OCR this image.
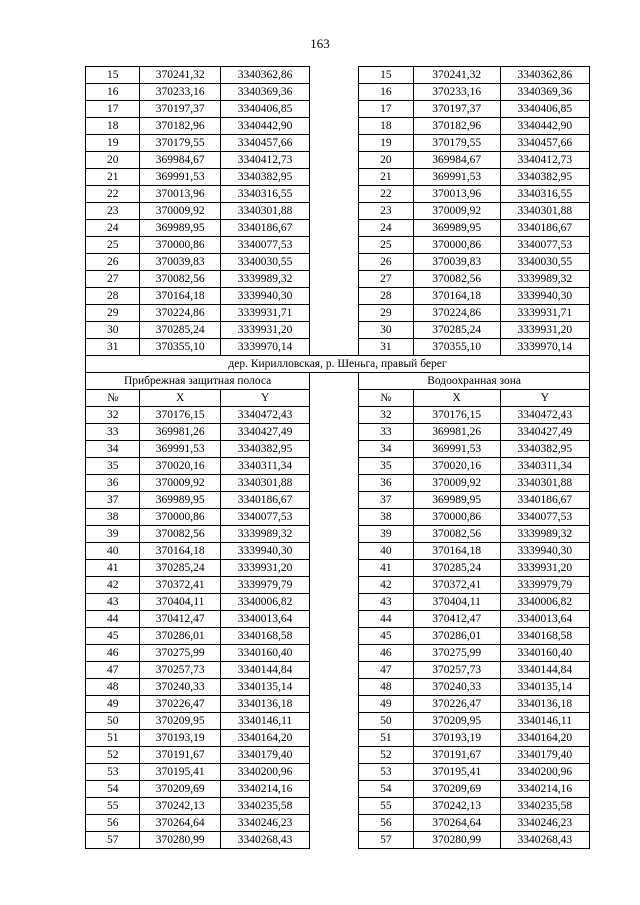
163
15	370241,32	3340362,86		15	370241,32	3340362,86
16	370233,16	3340369,36		16	370233,16	3340369,36
17	370197,37	3340406,85		17	370197,37	3340406,85
18	370182,96	3340442,90		18	370182,96	3340442,90
19	370179,55	3340457,66		19	370179,55	3340457,66
20	369984,67	3340412,73		20	369984,67	3340412,73
21	369991,53	3340382,95		21	369991,53	3340382,95
22	370013,96	3340316,55		22	370013,96	3340316,55
23	370009,92	3340301,88		23	370009,92	3340301,88
24	369989,95	3340186,67		24	369989,95	3340186,67
25	370000,86	3340077,53		25	370000,86	3340077,53
26	370039,83	3340030,55		26	370039,83	3340030,55
27	370082,56	3339989,32		27	370082,56	3339989,32
28	370164,18	3339940,30		28	370164,18	3339940,30
29	370224,86	3339931,71		29	370224,86	3339931,71
30	370285,24	3339931,20		30	370285,24	3339931,20
31	370355,10	3339970,14		31	370355,10	3339970,14
дер. Кирилловская, р. Шеньга, правый берег						
Прибрежная защитная полоса				Водоохранная зона		
№	X	Y		№	X	Y
32	370176,15	3340472,43		32	370176,15	3340472,43
33	369981,26	3340427,49		33	369981,26	3340427,49
34	369991,53	3340382,95		34	369991,53	3340382,95
35	370020,16	3340311,34		35	370020,16	3340311,34
36	370009,92	3340301,88		36	370009,92	3340301,88
37	369989,95	3340186,67		37	369989,95	3340186,67
38	370000,86	3340077,53		38	370000,86	3340077,53
39	370082,56	3339989,32		39	370082,56	3339989,32
40	370164,18	3339940,30		40	370164,18	3339940,30
41	370285,24	3339931,20		41	370285,24	3339931,20
42	370372,41	3339979,79		42	370372,41	3339979,79
43	370404,11	3340006,82		43	370404,11	3340006,82
44	370412,47	3340013,64		44	370412,47	3340013,64
45	370286,01	3340168,58		45	370286,01	3340168,58
46	370275,99	3340160,40		46	370275,99	3340160,40
47	370257,73	3340144,84		47	370257,73	3340144,84
48	370240,33	3340135,14		48	370240,33	3340135,14
49	370226,47	3340136,18		49	370226,47	3340136,18
50	370209,95	3340146,11		50	370209,95	3340146,11
51	370193,19	3340164,20		51	370193,19	3340164,20
52	370191,67	3340179,40		52	370191,67	3340179,40
53	370195,41	3340200,96		53	370195,41	3340200,96
54	370209,69	3340214,16		54	370209,69	3340214,16
55	370242,13	3340235,58		55	370242,13	3340235,58
56	370264,64	3340246,23		56	370264,64	3340246,23
57	370280,99	3340268,43		57	370280,99	3340268,43
